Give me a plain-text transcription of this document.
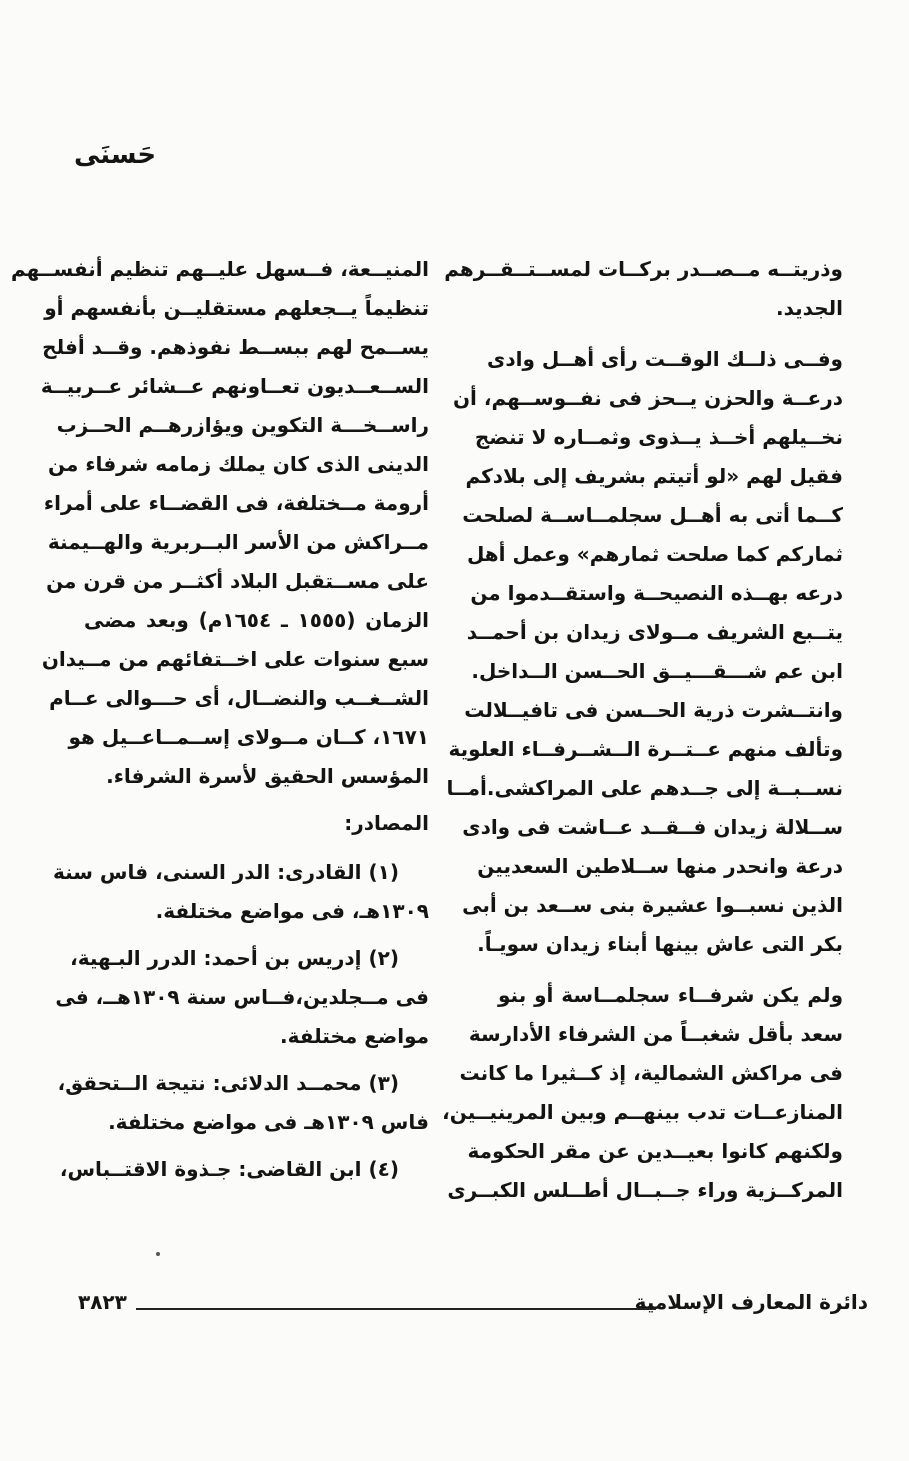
حَسنَى
وذريتــه مــصــدر بركــات لمســتــقــرهم
الجديد.
وفــى ذلــك الوقــت رأى أهــل وادى
درعــة والحزن يــحز فى نفــوســهم، أن
نخــيلهم أخــذ يــذوى وثمــاره لا تنضج
فقيل لهم «لو أتيتم بشريف إلى بلادكم
كــما أتى به أهــل سجلمــاســة لصلحت
ثماركم كما صلحت ثمارهم» وعمل أهل
درعه بهــذه النصيحــة واستقــدموا من
يتــبع الشريف مــولاى زيدان بن أحمــد
ابن عم شـــقـــيــق الحــسن الــداخل.
وانتــشرت ذرية الحــسن فى تافيــلالت
وتألف منهم عــتــرة الــشــرفــاء العلوية
نســبــة إلى جــدهم على المراكشى.أمــا
ســلالة زيدان فــقــد عــاشت فى وادى
درعة وانحدر منها ســلاطين السعديين
الذين نسبــوا عشيرة بنى ســعد بن أبى
بكر التى عاش بينها أبناء زيدان سويـاً.
ولم يكن شرفــاء سجلمــاسة أو بنو
سعد بأقل شغبــاً من الشرفاء الأدارسة
فى مراكش الشمالية، إذ كــثيرا ما كانت
المنازعــات تدب بينهــم وبين المرينيــين،
ولكنهم كانوا بعيــدين عن مقر الحكومة
المركــزية وراء جــبــال أطــلس الكبــرى
المنيــعة، فــسهل عليــهم تنظيم أنفســهم
تنظيماً يــجعلهم مستقليــن بأنفسهم أو
يســمح لهم ببســط نفوذهم. وقــد أفلح
الســعــديون تعــاونهم عــشائر عــربيــة
راســخـــة التكوين ويؤازرهــم الحــزب
الدينى الذى كان يملك زمامه شرفاء من
أرومة مــختلفة، فى القضــاء على أمراء
مــراكش من الأسر البــربرية والهــيمنة
على مســتقبل البلاد أكثــر من قرن من
الزمان (١٥٥٥ ـ ١٦٥٤م) وبعد مضى
سبع سنوات على اخــتفائهم من مــيدان
الشــغــب والنضــال، أى حـــوالى عــام
١٦٧١، كــان مــولاى إســمــاعــيل هو
المؤسس الحقيق لأسرة الشرفاء.
المصادر:
(١) القادرى: الدر السنى، فاس سنة
١٣٠٩هـ، فى مواضع مختلفة.
(٢) إدريس بن أحمد: الدرر البـهية،
فى مــجلدين،فــاس سنة ١٣٠٩هــ، فى
مواضع مختلفة.
(٣) محمــد الدلائى: نتيجة الــتحقق،
فاس ١٣٠٩هـ فى مواضع مختلفة.
(٤) ابن القاضى: جـذوة الاقتــباس،
دائرة المعارف الإسلامية
٣٨٢٣
